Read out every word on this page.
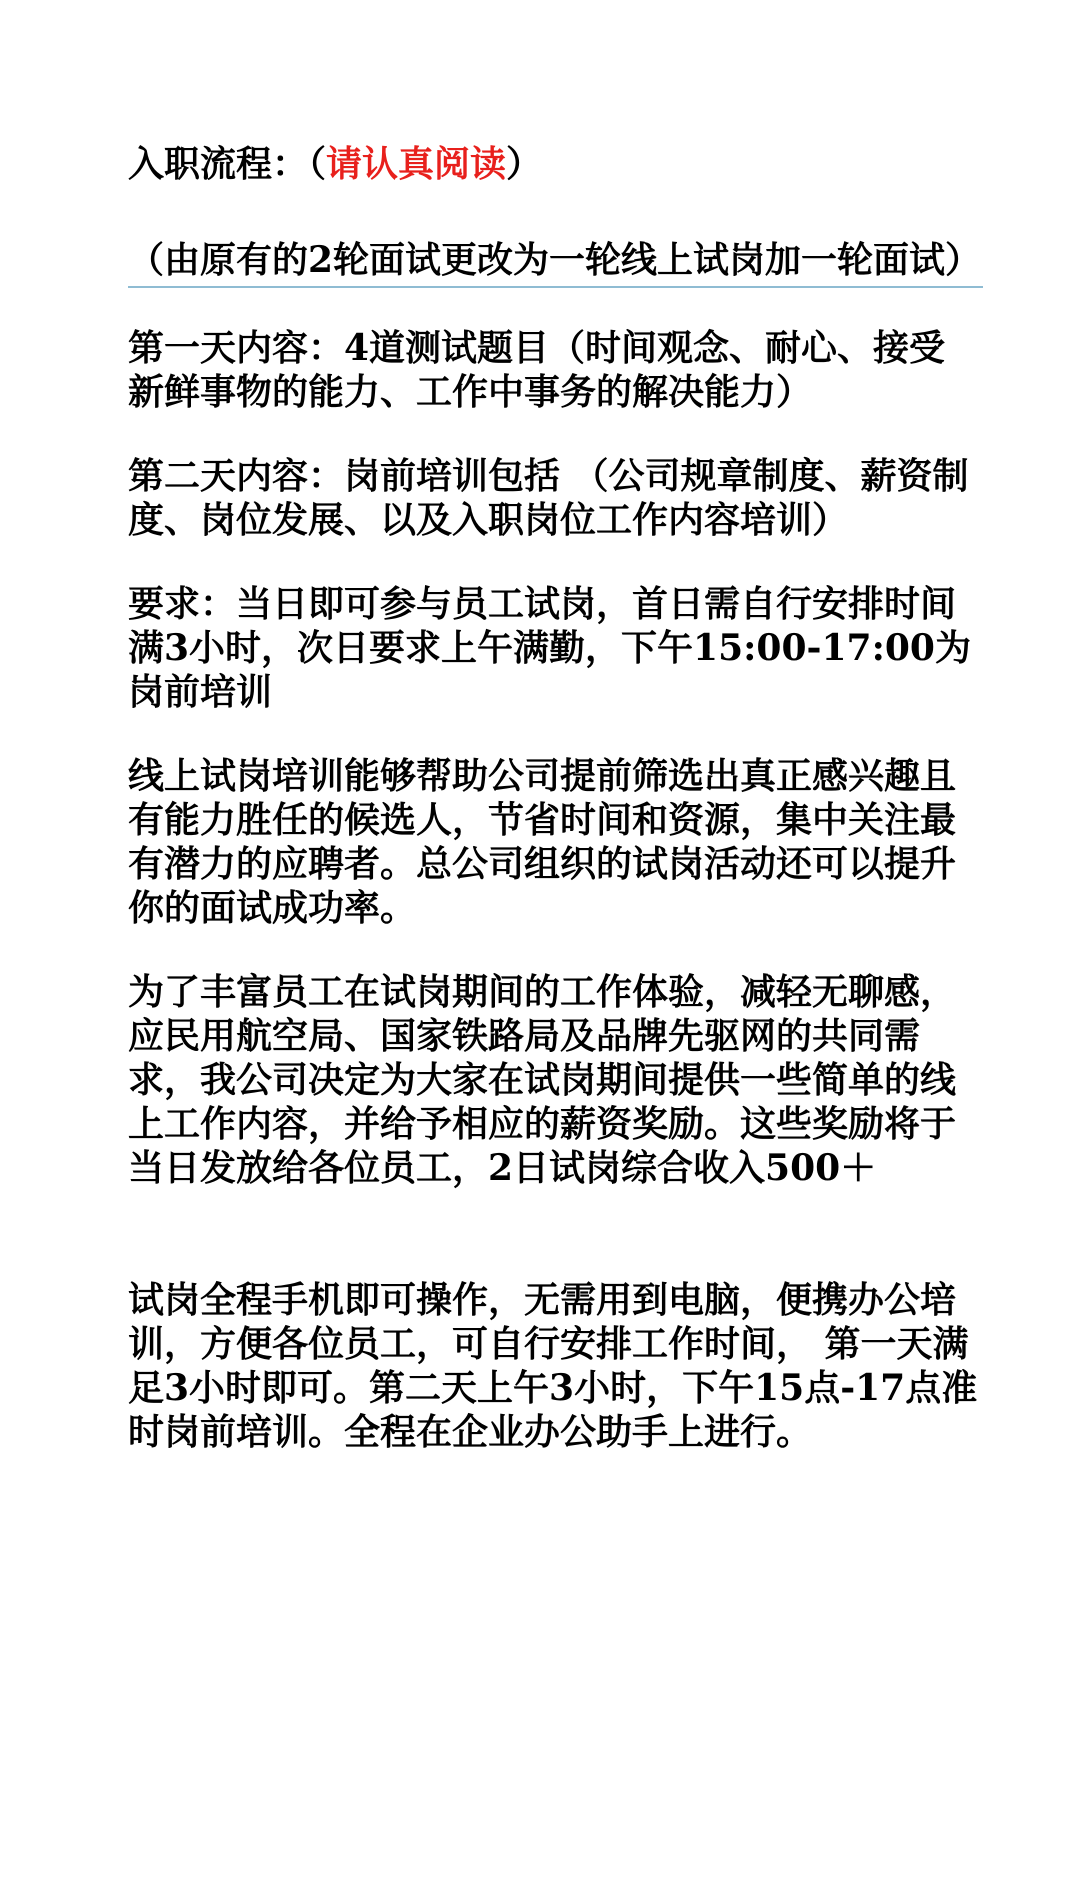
入职流程：（请认真阅读）

（由原有的2轮面试更改为一轮线上试岗加一轮面试）

第一天内容：4道测试题目（时间观念、耐心、接受新鲜事物的能力、工作中事务的解决能力）

第二天内容：岗前培训包括 （公司规章制度、薪资制度、岗位发展、以及入职岗位工作内容培训）

要求：当日即可参与员工试岗，首日需自行安排时间满3小时，次日要求上午满勤，下午15:00-17:00为岗前培训

线上试岗培训能够帮助公司提前筛选出真正感兴趣且有能力胜任的候选人，节省时间和资源，集中关注最有潜力的应聘者。总公司组织的试岗活动还可以提升你的面试成功率。

为了丰富员工在试岗期间的工作体验，减轻无聊感，应民用航空局、国家铁路局及品牌先驱网的共同需求，我公司决定为大家在试岗期间提供一些简单的线上工作内容，并给予相应的薪资奖励。这些奖励将于当日发放给各位员工，2日试岗综合收入500＋

试岗全程手机即可操作，无需用到电脑，便携办公培训，方便各位员工，可自行安排工作时间， 第一天满足3小时即可。第二天上午3小时，下午15点-17点准时岗前培训。全程在企业办公助手上进行。
